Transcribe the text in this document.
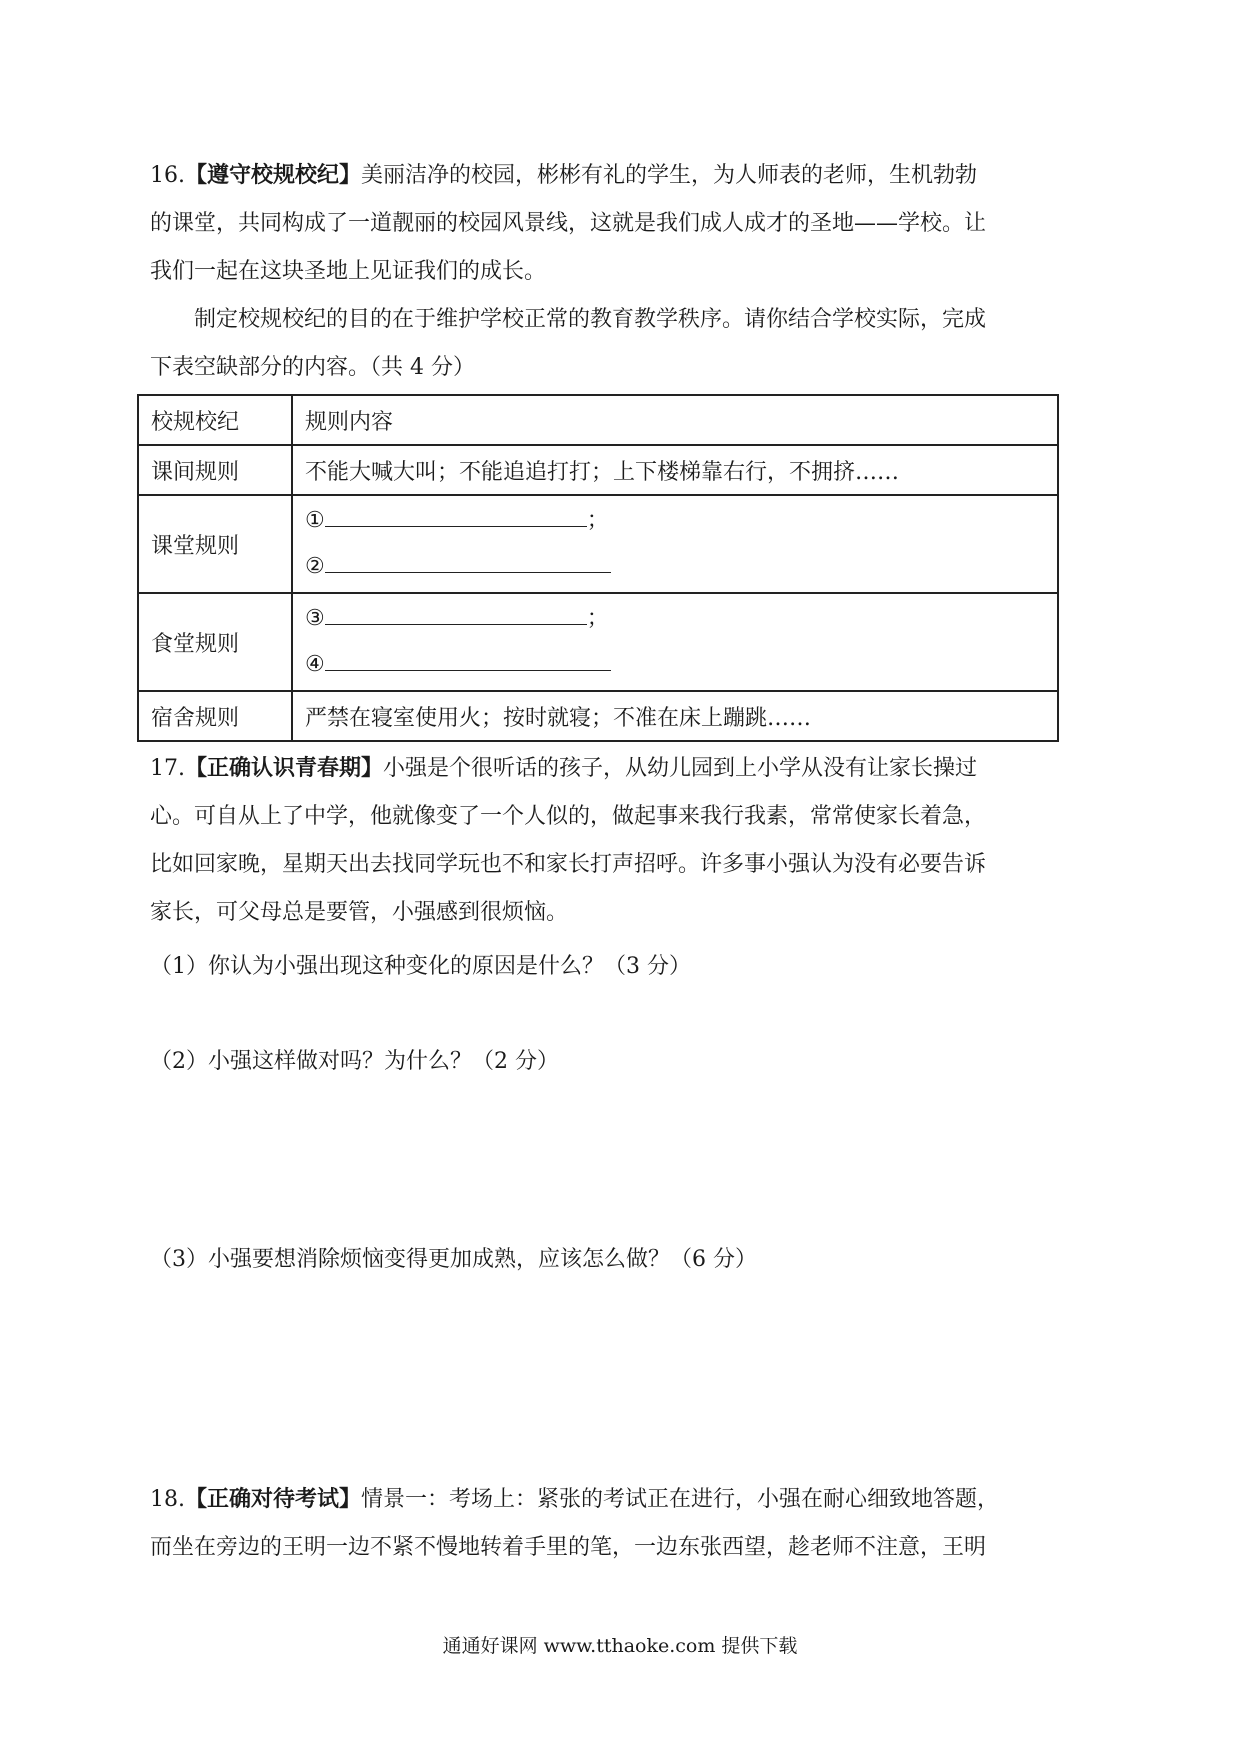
16.【遵守校规校纪】美丽洁净的校园，彬彬有礼的学生，为人师表的老师，生机勃勃
的课堂，共同构成了一道靓丽的校园风景线，这就是我们成人成才的圣地——学校。让
我们一起在这块圣地上见证我们的成长。
制定校规校纪的目的在于维护学校正常的教育教学秩序。请你结合学校实际，完成
下表空缺部分的内容。（共 4 分）
校规校纪	规则内容
课间规则	不能大喊大叫；不能追追打打；上下楼梯靠右行，不拥挤……
课堂规则	① ；
②

食堂规则	③ ；
④

宿舍规则	严禁在寝室使用火；按时就寝；不准在床上蹦跳……
17.【正确认识青春期】小强是个很听话的孩子，从幼儿园到上小学从没有让家长操过
心。可自从上了中学，他就像变了一个人似的，做起事来我行我素，常常使家长着急，
比如回家晚，星期天出去找同学玩也不和家长打声招呼。许多事小强认为没有必要告诉
家长，可父母总是要管，小强感到很烦恼。
（1）你认为小强出现这种变化的原因是什么？（3 分）
（2）小强这样做对吗？为什么？（2 分）
（3）小强要想消除烦恼变得更加成熟，应该怎么做？（6 分）
18.【正确对待考试】情景一：考场上：紧张的考试正在进行，小强在耐心细致地答题，
而坐在旁边的王明一边不紧不慢地转着手里的笔，一边东张西望，趁老师不注意，王明
通通好课网 www.tthaoke.com 提供下载
